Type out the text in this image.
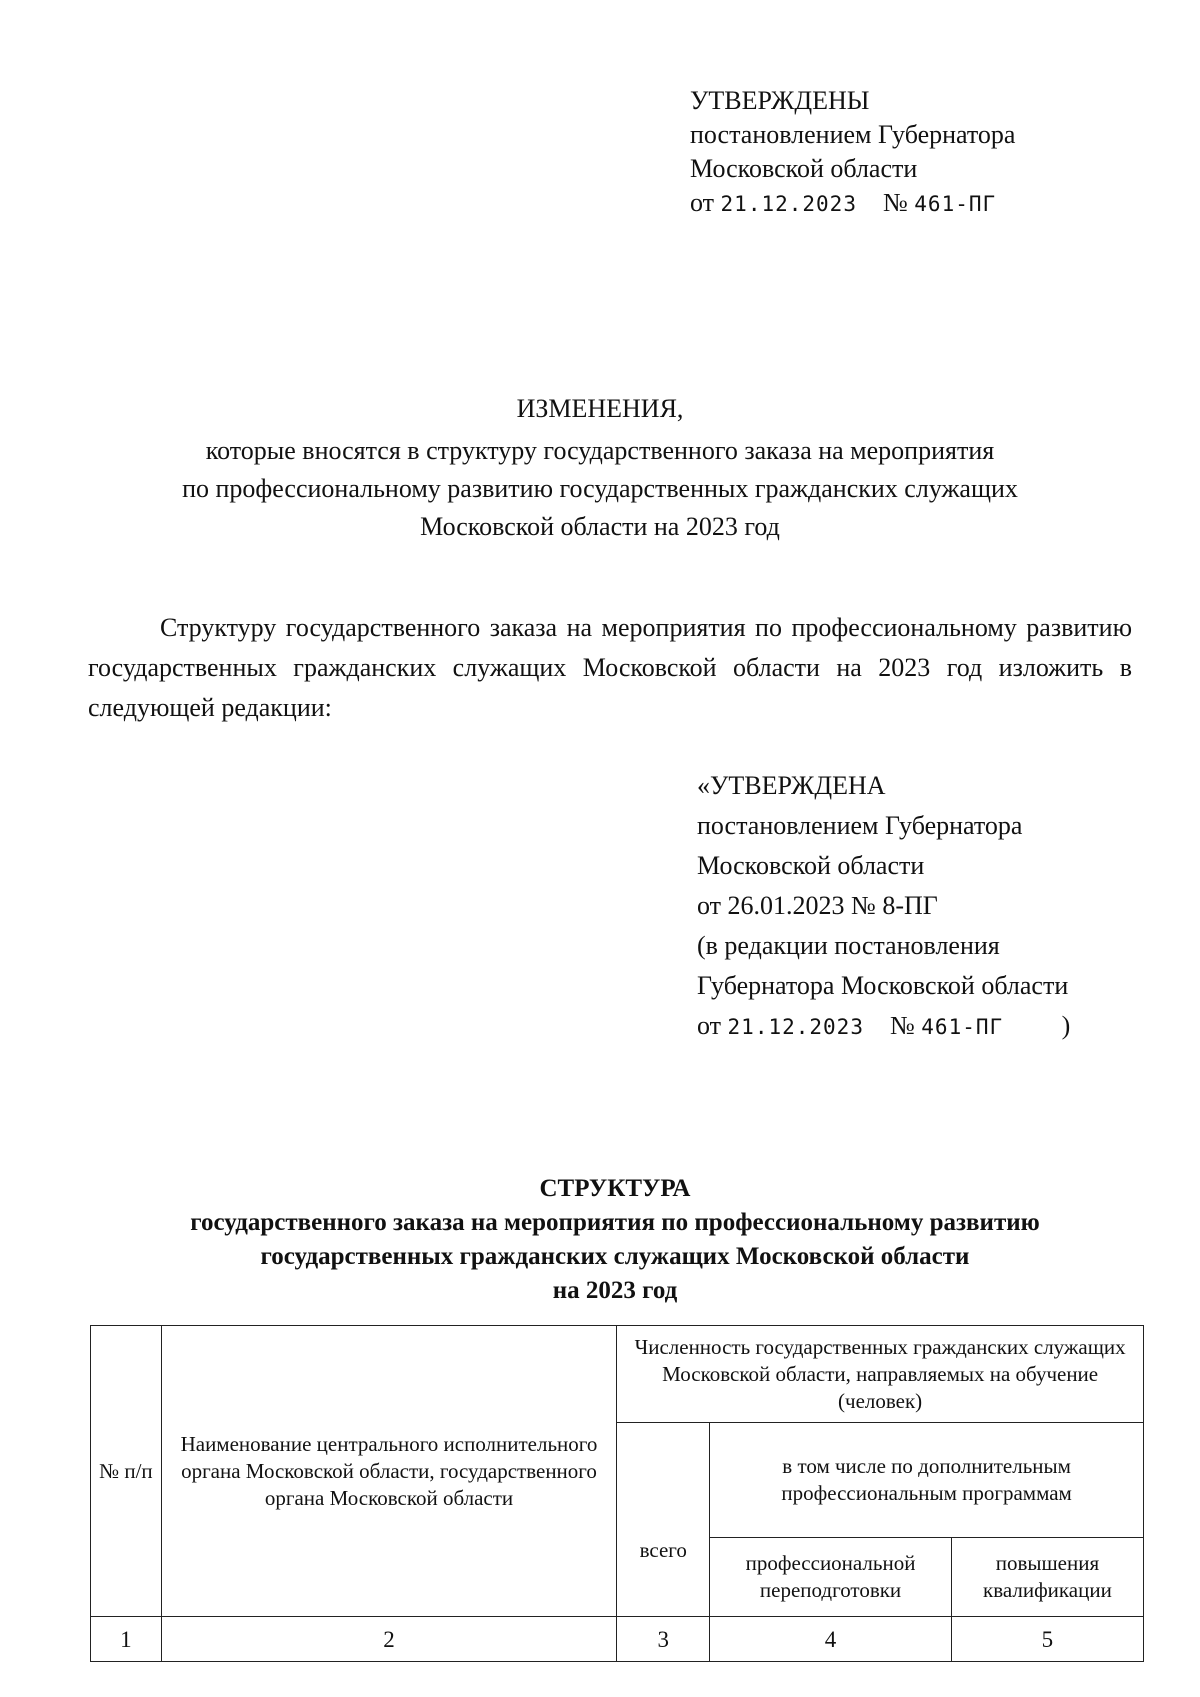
УТВЕРЖДЕНЫ
постановлением Губернатора
Московской области
от 21.12.2023 № 461-ПГ
ИЗМЕНЕНИЯ,
которые вносятся в структуру государственного заказа на мероприятия
по профессиональному развитию государственных гражданских служащих
Московской области на 2023 год
Структуру государственного заказа на мероприятия по профессиональному развитию государственных гражданских служащих Московской области на 2023 год изложить в следующей редакции:
«УТВЕРЖДЕНА
постановлением Губернатора
Московской области
от 26.01.2023 № 8-ПГ
(в редакции постановления
Губернатора Московской области
от 21.12.2023 № 461-ПГ )
СТРУКТУРА
государственного заказа на мероприятия по профессиональному развитию
государственных гражданских служащих Московской области
на 2023 год
№ п/п	Наименование центрального исполнительного органа Московской области, государственного органа Московской области	Численность государственных гражданских служащих Московской области, направляемых на обучение (человек)		
		всего	в том числе по дополнительным профессиональным программам	
			профессиональной переподготовки	повышения квалификации
1	2	3	4	5
